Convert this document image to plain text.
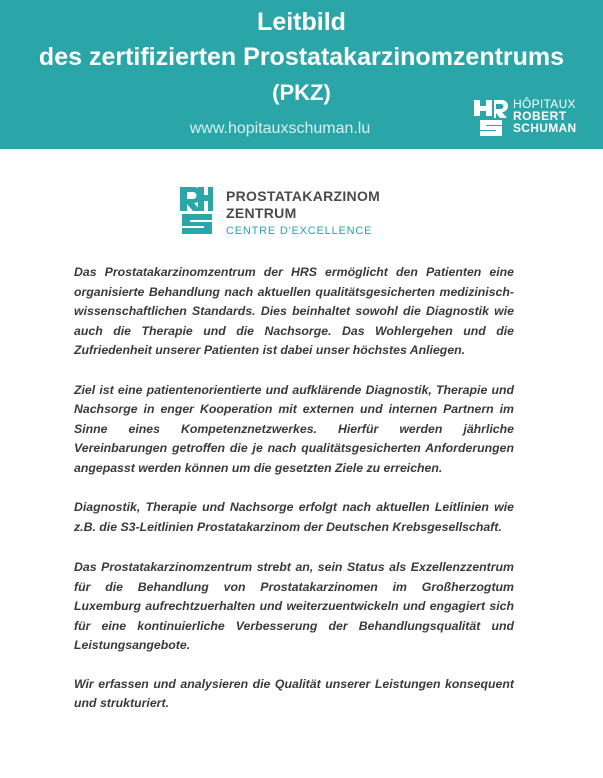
Leitbild
des zertifizierten Prostatakarzinomzentrums
(PKZ)
www.hopitauxschuman.lu
HÔPITAUX
ROBERT
SCHUMAN
PROSTATAKARZINOM
ZENTRUM
CENTRE D'EXCELLENCE

Das Prostatakarzinomzentrum der HRS ermöglicht den Patienten eine organisierte Behandlung nach aktuellen qualitätsgesicherten medizinisch-wissenschaftlichen Standards. Dies beinhaltet sowohl die Diagnostik wie auch die Therapie und die Nachsorge. Das Wohlergehen und die Zufriedenheit unserer Patienten ist dabei unser höchstes Anliegen.

Ziel ist eine patientenorientierte und aufklärende Diagnostik, Therapie und Nachsorge in enger Kooperation mit externen und internen Partnern im Sinne eines Kompetenznetzwerkes. Hierfür werden jährliche Vereinbarungen getroffen die je nach qualitätsgesicherten Anforderungen angepasst werden können um die gesetzten Ziele zu erreichen.

Diagnostik, Therapie und Nachsorge erfolgt nach aktuellen Leitlinien wie z.B. die S3-Leitlinien Prostatakarzinom der Deutschen Krebsgesellschaft.

Das Prostatakarzinomzentrum strebt an, sein Status als Exzellenzzentrum für die Behandlung von Prostatakarzinomen im Großherzogtum Luxemburg aufrechtzuerhalten und weiterzuentwickeln und engagiert sich für eine kontinuierliche Verbesserung der Behandlungsqualität und Leistungsangebote.

Wir erfassen und analysieren die Qualität unserer Leistungen konsequent und strukturiert.
